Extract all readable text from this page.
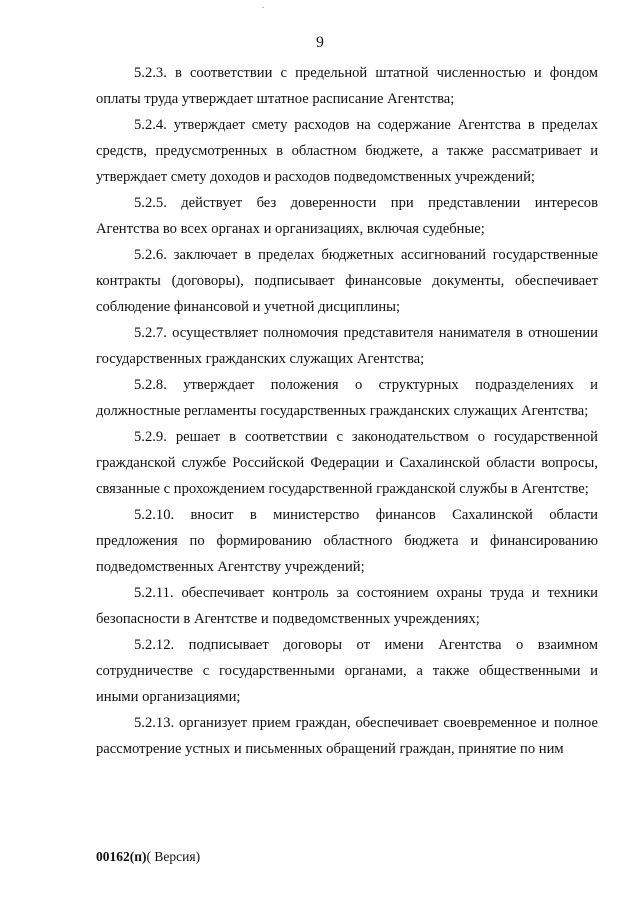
9

5.2.3. в соответствии с предельной штатной численностью и фондом оплаты труда утверждает штатное расписание Агентства;

5.2.4. утверждает смету расходов на содержание Агентства в пределах средств, предусмотренных в областном бюджете, а также рассматривает и утверждает смету доходов и расходов подведомственных учреждений;

5.2.5. действует без доверенности при представлении интересов Агентства во всех органах и организациях, включая судебные;

5.2.6. заключает в пределах бюджетных ассигнований государственные контракты (договоры), подписывает финансовые документы, обеспечивает соблюдение финансовой и учетной дисциплины;

5.2.7. осуществляет полномочия представителя нанимателя в отношении государственных гражданских служащих Агентства;

5.2.8. утверждает положения о структурных подразделениях и должностные регламенты государственных гражданских служащих Агентства;

5.2.9. решает в соответствии с законодательством о государственной гражданской службе Российской Федерации и Сахалинской области вопросы, связанные с прохождением государственной гражданской службы в Агентстве;

5.2.10. вносит в министерство финансов Сахалинской области предложения по формированию областного бюджета и финансированию подведомственных Агентству учреждений;

5.2.11. обеспечивает контроль за состоянием охраны труда и техники безопасности в Агентстве и подведомственных учреждениях;

5.2.12. подписывает договоры от имени Агентства о взаимном сотрудничестве с государственными органами, а также общественными и иными организациями;

5.2.13. организует прием граждан, обеспечивает своевременное и полное рассмотрение устных и письменных обращений граждан, принятие по ним

00162(п)( Версия)
